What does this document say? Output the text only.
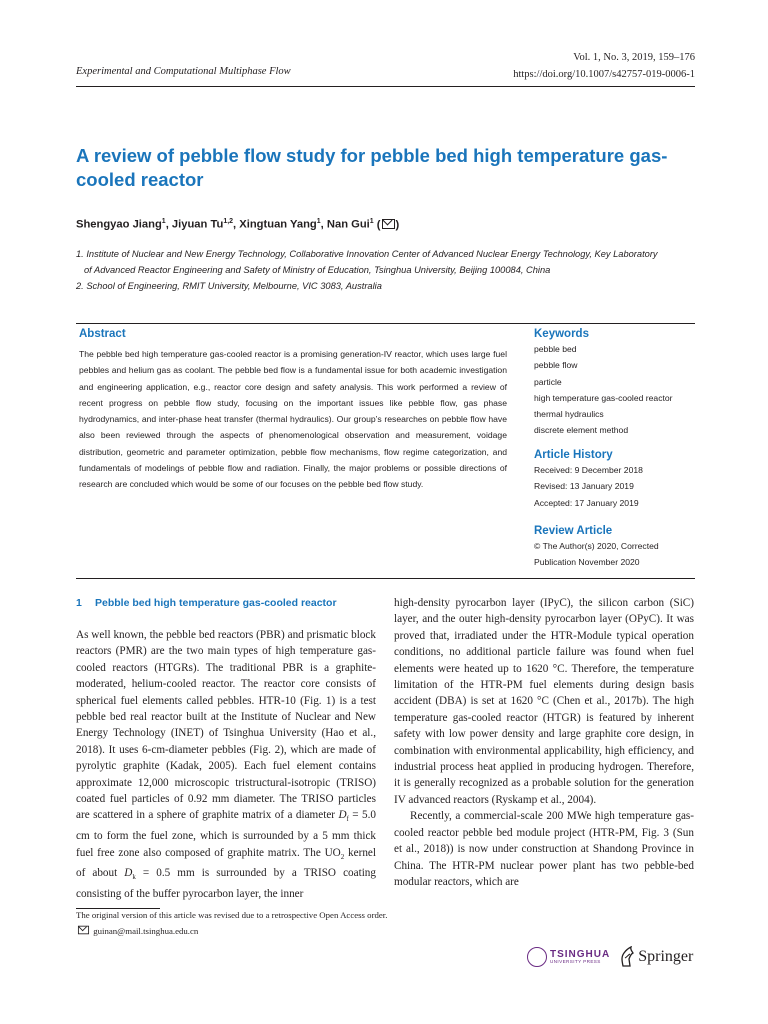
Experimental and Computational Multiphase Flow
Vol. 1, No. 3, 2019, 159–176
https://doi.org/10.1007/s42757-019-0006-1
A review of pebble flow study for pebble bed high temperature gas-cooled reactor
Shengyao Jiang$^1$, Jiyuan Tu$^{1,2}$, Xingtuan Yang$^1$, Nan Gui$^1$ ( )
1. Institute of Nuclear and New Energy Technology, Collaborative Innovation Center of Advanced Nuclear Energy Technology, Key Laboratory
of Advanced Reactor Engineering and Safety of Ministry of Education, Tsinghua University, Beijing 100084, China
2. School of Engineering, RMIT University, Melbourne, VIC 3083, Australia
Abstract
The pebble bed high temperature gas-cooled reactor is a promising generation-IV reactor, which uses large fuel pebbles and helium gas as coolant. The pebble bed flow is a fundamental issue for both academic investigation and engineering application, e.g., reactor core design and safety analysis. This work performed a review of recent progress on pebble flow study, focusing on the important issues like pebble flow, gas phase hydrodynamics, and inter-phase heat transfer (thermal hydraulics). Our group’s researches on pebble flow have also been reviewed through the aspects of phenomenological observation and measurement, voidage distribution, geometric and parameter optimization, pebble flow mechanisms, flow regime categorization, and fundamentals of modelings of pebble flow and radiation. Finally, the major problems or possible directions of research are concluded which would be some of our focuses on the pebble bed flow study.
Keywords
pebble bed
pebble flow
particle
high temperature gas-cooled reactor
thermal hydraulics
discrete element method
Article History
Received: 9 December 2018
Revised: 13 January 2019
Accepted: 17 January 2019
Review Article
© The Author(s) 2020, Corrected
Publication November 2020
1 Pebble bed high temperature gas-cooled reactor

As well known, the pebble bed reactors (PBR) and prismatic block reactors (PMR) are the two main types of high temperature gas-cooled reactors (HTGRs). The traditional PBR is a graphite-moderated, helium-cooled reactor. The reactor core consists of spherical fuel elements called pebbles. HTR-10 (Fig. 1) is a test pebble bed real reactor built at the Institute of Nuclear and New Energy Technology (INET) of Tsinghua University (Hao et al., 2018). It uses 6-cm-diameter pebbles (Fig. 2), which are made of pyrolytic graphite (Kadak, 2005). Each fuel element contains approximate 12,000 microscopic tristructural-isotropic (TRISO) coated fuel particles of 0.92 mm diameter. The TRISO particles are scattered in a sphere of graphite matrix of a diameter $D_f = 5.0$ cm to form the fuel zone, which is surrounded by a 5 mm thick fuel free zone also composed of graphite matrix. The $UO_2$ kernel of about $D_k = 0.5$ mm is surrounded by a TRISO coating consisting of the buffer pyrocarbon layer, the inner

high-density pyrocarbon layer (IPyC), the silicon carbon (SiC) layer, and the outer high-density pyrocarbon layer (OPyC). It was proved that, irradiated under the HTR-Module typical operation conditions, no additional particle failure was found when fuel elements were heated up to 1620 °C. Therefore, the temperature limitation of the HTR-PM fuel elements during design basis accident (DBA) is set at 1620 °C (Chen et al., 2017b). The high temperature gas-cooled reactor (HTGR) is featured by inherent safety with low power density and large graphite core design, in combination with environmental applicability, high efficiency, and industrial process heat applied in producing hydrogen. Therefore, it is generally recognized as a probable solution for the generation IV advanced reactors (Ryskamp et al., 2004).

Recently, a commercial-scale 200 MWe high temperature gas-cooled reactor pebble bed module project (HTR-PM, Fig. 3 (Sun et al., 2018)) is now under construction at Shandong Province in China. The HTR-PM nuclear power plant has two pebble-bed modular reactors, which are

The original version of this article was revised due to a retrospective Open Access order.
guinan@mail.tsinghua.edu.cn
TSINGHUA
UNIVERSITY PRESS	Springer
